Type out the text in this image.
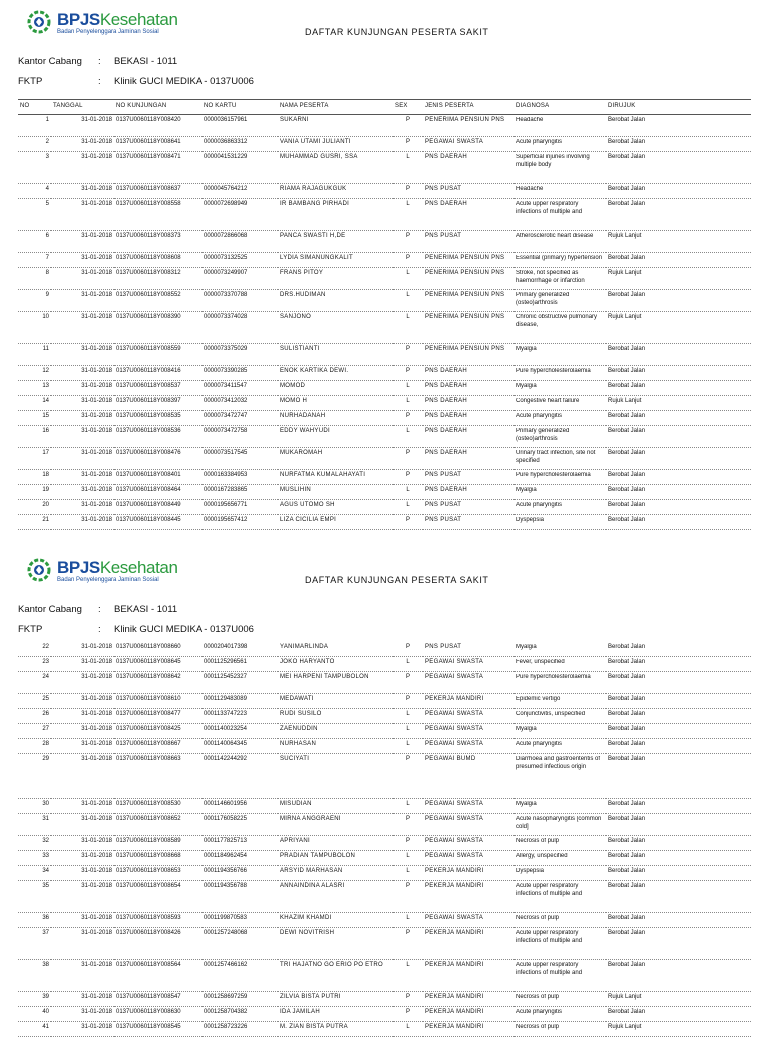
BPJSKesehatan
Badan Penyelenggara Jaminan Sosial	DAFTAR KUNJUNGAN PESERTA SAKIT
Kantor Cabang : BEKASI - 1011
FKTP	: Klinik GUCI MEDIKA - 0137U006
NO	TANGGAL	NO KUNJUNGAN	NO KARTU	NAMA PESERTA	SEX	JENIS PESERTA	DIAGNOSA	DIRUJUK
1	31-01-2018	0137U0060118Y008420	0000036157961	SUKARNI	P	PENERIMA PENSIUN PNS	Headache	Berobat Jalan
2	31-01-2018	0137U0060118Y008641	0000036863312	VANIA UTAMI JULIANTI	P	PEGAWAI SWASTA	Acute pharyngitis	Berobat Jalan
3	31-01-2018	0137U0060118Y008471	0000041531229	MUHAMMAD GUSRI, SSA	L	PNS DAERAH	Superficial injuries involving multiple body	Berobat Jalan
4	31-01-2018	0137U0060118Y008637	0000045764212	RIAMA RAJAGUKGUK	P	PNS PUSAT	Headache	Berobat Jalan
5	31-01-2018	0137U0060118Y008558	0000072698949	IR BAMBANG PIRHADI	L	PNS DAERAH	Acute upper respiratory infections of multiple and	Berobat Jalan
6	31-01-2018	0137U0060118Y008373	0000072866068	PANCA SWASTI H,DE	P	PNS PUSAT	Atherosclerotic heart disease	Rujuk Lanjut
7	31-01-2018	0137U0060118Y008608	0000073132525	LYDIA SIMANUNGKALIT	P	PENERIMA PENSIUN PNS	Essential (primary) hypertension	Berobat Jalan
8	31-01-2018	0137U0060118Y008312	0000073249907	FRANS PITOY	L	PENERIMA PENSIUN PNS	Stroke, not specified as haemorrhage or infarction	Rujuk Lanjut
9	31-01-2018	0137U0060118Y008552	0000073370788	DRS.HUDIMAN	L	PENERIMA PENSIUN PNS	Primary generalized (osteo)arthrosis	Berobat Jalan
10	31-01-2018	0137U0060118Y008390	0000073374028	SANJONO	L	PENERIMA PENSIUN PNS	Chronic obstructive pulmonary disease,	Rujuk Lanjut
11	31-01-2018	0137U0060118Y008559	0000073375029	SULISTIANTI	P	PENERIMA PENSIUN PNS	Myalgia	Berobat Jalan
12	31-01-2018	0137U0060118Y008416	0000073390285	ENOK KARTIKA DEWI.	P	PNS DAERAH	Pure hypercholesterolaemia	Berobat Jalan
13	31-01-2018	0137U0060118Y008537	0000073411547	MOMOD	L	PNS DAERAH	Myalgia	Berobat Jalan
14	31-01-2018	0137U0060118Y008397	0000073412032	MOMO H	L	PNS DAERAH	Congestive heart failure	Rujuk Lanjut
15	31-01-2018	0137U0060118Y008535	0000073472747	NURHADANAH	P	PNS DAERAH	Acute pharyngitis	Berobat Jalan
16	31-01-2018	0137U0060118Y008536	0000073472758	EDDY WAHYUDI	L	PNS DAERAH	Primary generalized (osteo)arthrosis	Berobat Jalan
17	31-01-2018	0137U0060118Y008476	0000073517545	MUKAROMAH	P	PNS DAERAH	Urinary tract infection, site not specified	Berobat Jalan
18	31-01-2018	0137U0060118Y008401	0000163384953	NURFATMA KUMALAHAYATI	P	PNS PUSAT	Pure hypercholesterolaemia	Berobat Jalan
19	31-01-2018	0137U0060118Y008464	0000167283865	MUSLIHIN	L	PNS DAERAH	Myalgia	Berobat Jalan
20	31-01-2018	0137U0060118Y008449	0000195656771	AGUS UTOMO SH	L	PNS PUSAT	Acute pharyngitis	Berobat Jalan
21	31-01-2018	0137U0060118Y008445	0000195657412	LIZA CICILIA EMPI	P	PNS PUSAT	Dyspepsia	Berobat Jalan
BPJSKesehatan
Badan Penyelenggara Jaminan Sosial	DAFTAR KUNJUNGAN PESERTA SAKIT
Kantor Cabang : BEKASI - 1011
FKTP	: Klinik GUCI MEDIKA - 0137U006
22	31-01-2018	0137U0060118Y008660	0000204017398	YANIMARLINDA	P	PNS PUSAT	Myalgia	Berobat Jalan
23	31-01-2018	0137U0060118Y008645	0001125296561	JOKO HARYANTO	L	PEGAWAI SWASTA	Fever, unspecified	Berobat Jalan
24	31-01-2018	0137U0060118Y008642	0001125452327	MEI HARPENI TAMPUBOLON	P	PEGAWAI SWASTA	Pure hypercholesterolaemia	Berobat Jalan
25	31-01-2018	0137U0060118Y008610	0001129483089	MEDAWATI	P	PEKERJA MANDIRI	Epidemic vertigo	Berobat Jalan
26	31-01-2018	0137U0060118Y008477	0001133747223	RUDI SUSILO	L	PEGAWAI SWASTA	Conjunctivitis, unspecified	Berobat Jalan
27	31-01-2018	0137U0060118Y008425	0001140023254	ZAENUDDIN	L	PEGAWAI SWASTA	Myalgia	Berobat Jalan
28	31-01-2018	0137U0060118Y008667	0001140064345	NURHASAN	L	PEGAWAI SWASTA	Acute pharyngitis	Berobat Jalan
29	31-01-2018	0137U0060118Y008663	0001142244292	SUCIYATI	P	PEGAWAI BUMD	Diarrhoea and gastroenteritis of presumed infectious origin	Berobat Jalan
30	31-01-2018	0137U0060118Y008530	0001146601956	MISUDIAN	L	PEGAWAI SWASTA	Myalgia	Berobat Jalan
31	31-01-2018	0137U0060118Y008652	0001176058225	MIRNA ANGGRAENI	P	PEGAWAI SWASTA	Acute nasopharyngitis [common cold]	Berobat Jalan
32	31-01-2018	0137U0060118Y008589	0001177825713	APRIYANI	P	PEGAWAI SWASTA	Necrosis of pulp	Berobat Jalan
33	31-01-2018	0137U0060118Y008668	0001184962454	PRADIAN TAMPUBOLON	L	PEGAWAI SWASTA	Allergy, unspecified	Berobat Jalan
34	31-01-2018	0137U0060118Y008653	0001194356766	ARSYID MARHASAN	L	PEKERJA MANDIRI	Dyspepsia	Berobat Jalan
35	31-01-2018	0137U0060118Y008654	0001194356788	ANNAINDINA ALASRI	P	PEKERJA MANDIRI	Acute upper respiratory infections of multiple and	Berobat Jalan
36	31-01-2018	0137U0060118Y008593	0001199870583	KHAZIM KHAMDI	L	PEGAWAI SWASTA	Necrosis of pulp	Berobat Jalan
37	31-01-2018	0137U0060118Y008426	0001257248068	DEWI NOVITRISH	P	PEKERJA MANDIRI	Acute upper respiratory infections of multiple and	Berobat Jalan
38	31-01-2018	0137U0060118Y008564	0001257466162	TRI HAJATNO GO ERIO PO ETRO	L	PEKERJA MANDIRI	Acute upper respiratory infections of multiple and	Berobat Jalan
39	31-01-2018	0137U0060118Y008547	0001258697259	ZILVIA BISTA PUTRI	P	PEKERJA MANDIRI	Necrosis of pulp	Rujuk Lanjut
40	31-01-2018	0137U0060118Y008630	0001258704382	IDA JAMILAH	P	PEKERJA MANDIRI	Acute pharyngitis	Berobat Jalan
41	31-01-2018	0137U0060118Y008545	0001258723226	M. ZIAN BISTA PUTRA	L	PEKERJA MANDIRI	Necrosis of pulp	Rujuk Lanjut
